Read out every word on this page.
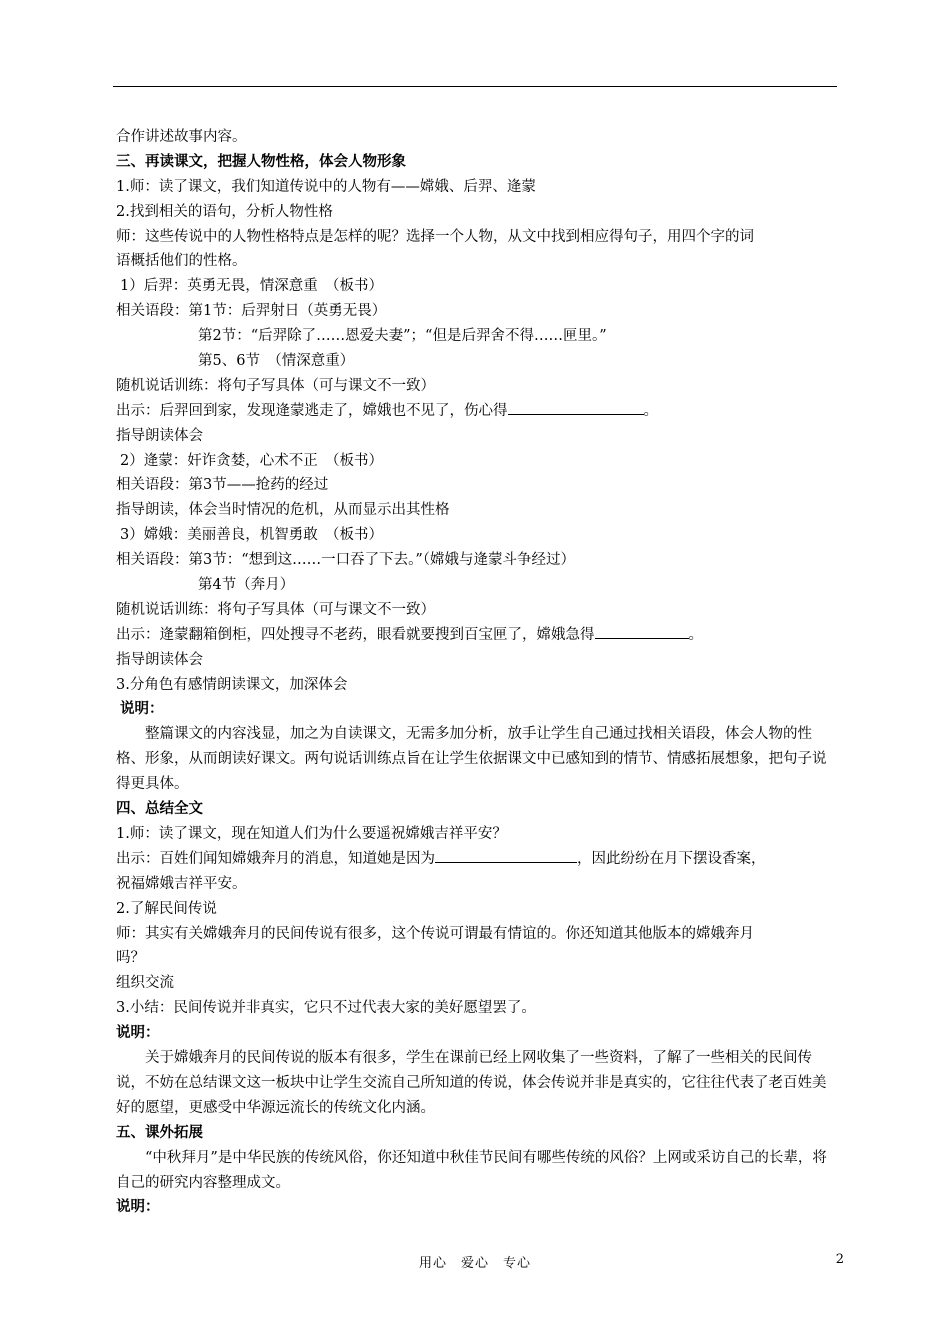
合作讲述故事内容。
三、再读课文，把握人物性格，体会人物形象
1.师：读了课文，我们知道传说中的人物有——嫦娥、后羿、逄蒙
2.找到相关的语句，分析人物性格
师：这些传说中的人物性格特点是怎样的呢？选择一个人物，从文中找到相应得句子，用四个字的词
语概括他们的性格。
1）后羿：英勇无畏，情深意重　（板书）
相关语段：第1节：后羿射日（英勇无畏）
第2节：“后羿除了……恩爱夫妻”；“但是后羿舍不得……匣里。”
第5、6节　（情深意重）
随机说话训练：将句子写具体（可与课文不一致）
出示：后羿回到家，发现逄蒙逃走了，嫦娥也不见了，伤心得	。
指导朗读体会
2）逄蒙：奸诈贪婪，心术不正　（板书）
相关语段：第3节——抢药的经过
指导朗读，体会当时情况的危机，从而显示出其性格
3）嫦娥：美丽善良，机智勇敢　（板书）
相关语段：第3节：“想到这……一口吞了下去。”（嫦娥与逄蒙斗争经过）
第4节（奔月）
随机说话训练：将句子写具体（可与课文不一致）
出示：逄蒙翻箱倒柜，四处搜寻不老药，眼看就要搜到百宝匣了，嫦娥急得	。
指导朗读体会
3.分角色有感情朗读课文，加深体会
说明：
整篇课文的内容浅显，加之为自读课文，无需多加分析，放手让学生自己通过找相关语段，体会人物的性格、形象，从而朗读好课文。两句说话训练点旨在让学生依据课文中已感知到的情节、情感拓展想象，把句子说得更具体。
四、总结全文
1.师：读了课文，现在知道人们为什么要遥祝嫦娥吉祥平安？
出示：百姓们闻知嫦娥奔月的消息，知道她是因为	，因此纷纷在月下摆设香案，
祝福嫦娥吉祥平安。
2.了解民间传说
师：其实有关嫦娥奔月的民间传说有很多，这个传说可谓最有情谊的。你还知道其他版本的嫦娥奔月
吗？
组织交流
3.小结：民间传说并非真实，它只不过代表大家的美好愿望罢了。
说明：
关于嫦娥奔月的民间传说的版本有很多，学生在课前已经上网收集了一些资料，了解了一些相关的民间传说，不妨在总结课文这一板块中让学生交流自己所知道的传说，体会传说并非是真实的，它往往代表了老百姓美好的愿望，更感受中华源远流长的传统文化内涵。
五、课外拓展
“中秋拜月”是中华民族的传统风俗，你还知道中秋佳节民间有哪些传统的风俗？上网或采访自己的长辈，将自己的研究内容整理成文。
说明：
用心　爱心　专心	2
